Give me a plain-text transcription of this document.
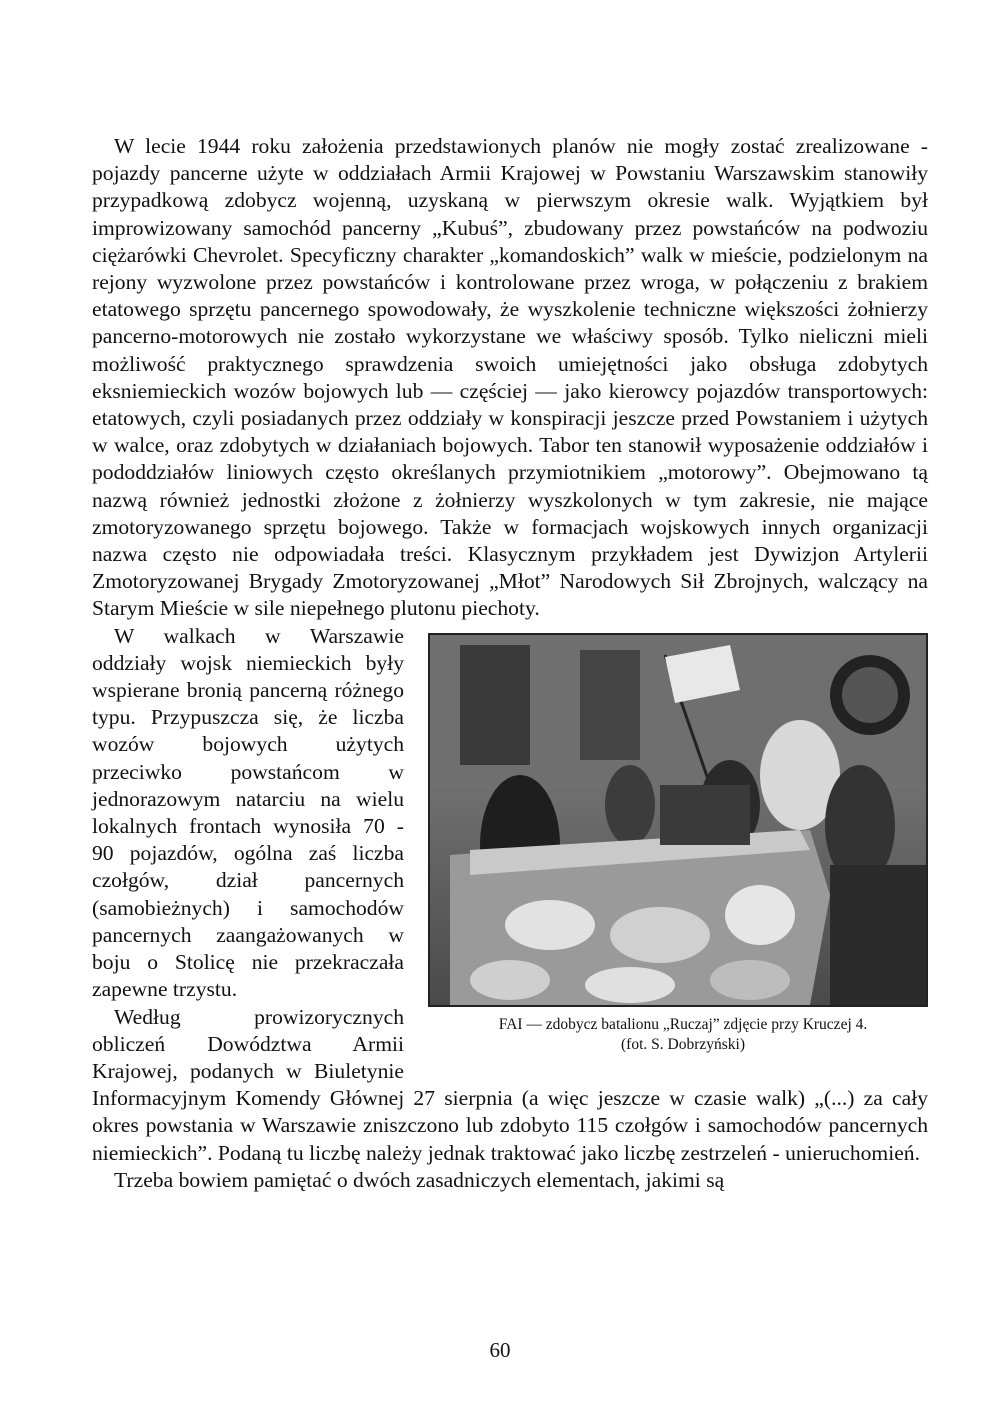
W lecie 1944 roku założenia przedstawionych planów nie mogły zostać zrealizowane - pojazdy pancerne użyte w oddziałach Armii Krajowej w Powstaniu Warszawskim stanowiły przypadkową zdobycz wojenną, uzyskaną w pierwszym okresie walk. Wyjątkiem był improwizowany samochód pancerny „Kubuś”, zbudowany przez powstańców na podwoziu ciężarówki Chevrolet. Specyficzny charakter „komandoskich” walk w mieście, podzielonym na rejony wyzwolone przez powstańców i kontrolowane przez wroga, w połączeniu z brakiem etatowego sprzętu pancernego spowodowały, że wyszkolenie techniczne większości żołnierzy pancerno-motorowych nie zostało wykorzystane we właściwy sposób. Tylko nieliczni mieli możliwość praktycznego sprawdzenia swoich umiejętności jako obsługa zdobytych eksniemieckich wozów bojowych lub — częściej — jako kierowcy pojazdów transportowych: etatowych, czyli posiadanych przez oddziały w konspiracji jeszcze przed Powstaniem i użytych w walce, oraz zdobytych w działaniach bojowych. Tabor ten stanowił wyposażenie oddziałów i pododdziałów liniowych często określanych przymiotnikiem „motorowy”. Obejmowano tą nazwą również jednostki złożone z żołnierzy wyszkolonych w tym zakresie, nie mające zmotoryzowanego sprzętu bojowego. Także w formacjach wojskowych innych organizacji nazwa często nie odpowiadała treści. Klasycznym przykładem jest Dywizjon Artylerii Zmotoryzowanej Brygady Zmotoryzowanej „Młot” Narodowych Sił Zbrojnych, walczący na Starym Mieście w sile niepełnego plutonu piechoty.

FAI — zdobycz batalionu „Ruczaj” zdjęcie przy Kruczej 4.
(fot. S. Dobrzyński)

W walkach w Warszawie oddziały wojsk niemieckich były wspierane bronią pancerną różnego typu. Przypuszcza się, że liczba wozów bojowych użytych przeciwko powstańcom w jednorazowym natarciu na wielu lokalnych frontach wynosiła 70 - 90 pojazdów, ogólna zaś liczba czołgów, dział pancernych (samobieżnych) i samochodów pancernych zaangażowanych w boju o Stolicę nie przekraczała zapewne trzystu.

Według prowizorycznych obliczeń Dowództwa Armii Krajowej, podanych w Biuletynie Informacyjnym Komendy Głównej 27 sierpnia (a więc jeszcze w czasie walk) „(...) za cały okres powstania w Warszawie zniszczono lub zdobyto 115 czołgów i samochodów pancernych niemieckich”. Podaną tu liczbę należy jednak traktować jako liczbę zestrzeleń - unieruchomień.

Trzeba bowiem pamiętać o dwóch zasadniczych elementach, jakimi są

60
